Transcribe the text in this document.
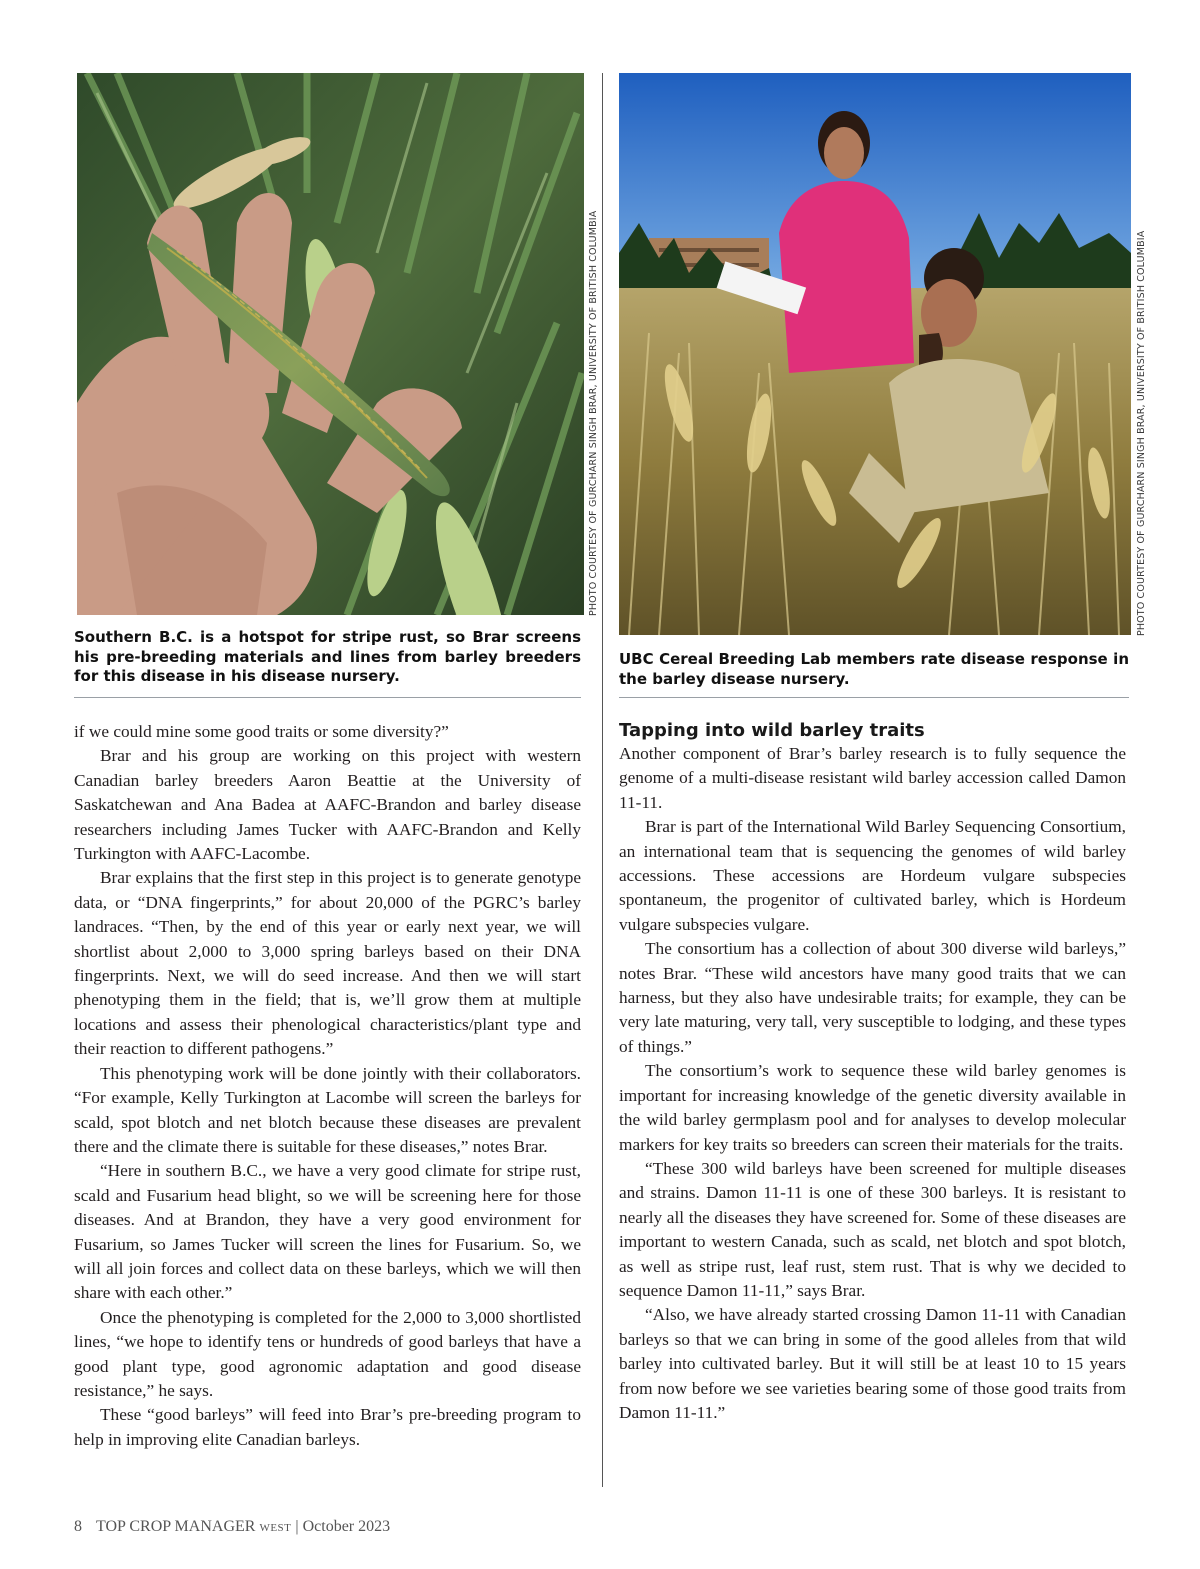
PHOTO COURTESY OF GURCHARN SINGH BRAR, UNIVERSITY OF BRITISH COLUMBIA	PHOTO COURTESY OF GURCHARN SINGH BRAR, UNIVERSITY OF BRITISH COLUMBIA
Southern B.C. is a hotspot for stripe rust, so Brar screens his pre-breeding materials and lines from barley breeders for this disease in his disease nursery.
UBC Cereal Breeding Lab members rate disease response in the barley disease nursery.

if we could mine some good traits or some diversity?”

Brar and his group are working on this project with western Canadian barley breeders Aaron Beattie at the University of Saskatchewan and Ana Badea at AAFC-Brandon and barley disease researchers including James Tucker with AAFC-Brandon and Kelly Turkington with AAFC-Lacombe.

Brar explains that the first step in this project is to generate genotype data, or “DNA fingerprints,” for about 20,000 of the PGRC’s barley landraces. “Then, by the end of this year or early next year, we will shortlist about 2,000 to 3,000 spring barleys based on their DNA fingerprints. Next, we will do seed increase. And then we will start phenotyping them in the field; that is, we’ll grow them at multiple locations and assess their phenological characteristics/plant type and their reaction to different pathogens.”

This phenotyping work will be done jointly with their collaborators. “For example, Kelly Turkington at Lacombe will screen the barleys for scald, spot blotch and net blotch because these diseases are prevalent there and the climate there is suitable for these diseases,” notes Brar.

“Here in southern B.C., we have a very good climate for stripe rust, scald and Fusarium head blight, so we will be screening here for those diseases. And at Brandon, they have a very good environment for Fusarium, so James Tucker will screen the lines for Fusarium. So, we will all join forces and collect data on these barleys, which we will then share with each other.”

Once the phenotyping is completed for the 2,000 to 3,000 shortlisted lines, “we hope to identify tens or hundreds of good barleys that have a good plant type, good agronomic adaptation and good disease resistance,” he says.

These “good barleys” will feed into Brar’s pre-breeding program to help in improving elite Canadian barleys.

Tapping into wild barley traits

Another component of Brar’s barley research is to fully sequence the genome of a multi-disease resistant wild barley accession called Damon 11-11.

Brar is part of the International Wild Barley Sequencing Consortium, an international team that is sequencing the genomes of wild barley accessions. These accessions are Hordeum vulgare subspecies spontaneum, the progenitor of cultivated barley, which is Hordeum vulgare subspecies vulgare.

The consortium has a collection of about 300 diverse wild barleys,” notes Brar. “These wild ancestors have many good traits that we can harness, but they also have undesirable traits; for example, they can be very late maturing, very tall, very susceptible to lodging, and these types of things.”

The consortium’s work to sequence these wild barley genomes is important for increasing knowledge of the genetic diversity available in the wild barley germplasm pool and for analyses to develop molecular markers for key traits so breeders can screen their materials for the traits.

“These 300 wild barleys have been screened for multiple diseases and strains. Damon 11-11 is one of these 300 barleys. It is resistant to nearly all the diseases they have screened for. Some of these diseases are important to western Canada, such as scald, net blotch and spot blotch, as well as stripe rust, leaf rust, stem rust. That is why we decided to sequence Damon 11-11,” says Brar.

“Also, we have already started crossing Damon 11-11 with Canadian barleys so that we can bring in some of the good alleles from that wild barley into cultivated barley. But it will still be at least 10 to 15 years from now before we see varieties bearing some of those good traits from Damon 11-11.”

8 TOP CROP MANAGER WEST | October 2023
